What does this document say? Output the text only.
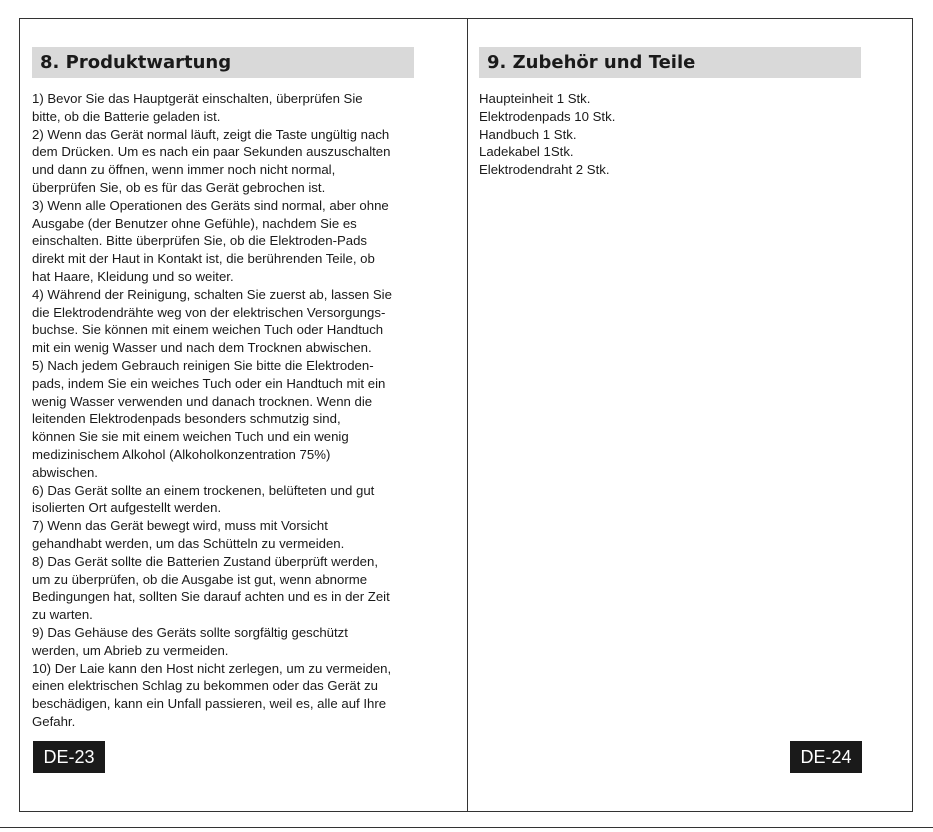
8. Produktwartung
1) Bevor Sie das Hauptgerät einschalten, überprüfen Sie
bitte, ob die Batterie geladen ist.
2) Wenn das Gerät normal läuft, zeigt die Taste ungültig nach
dem Drücken. Um es nach ein paar Sekunden auszuschalten
und dann zu öffnen, wenn immer noch nicht normal,
überprüfen Sie, ob es für das Gerät gebrochen ist.
3) Wenn alle Operationen des Geräts sind normal, aber ohne
Ausgabe (der Benutzer ohne Gefühle), nachdem Sie es
einschalten. Bitte überprüfen Sie, ob die Elektroden-Pads
direkt mit der Haut in Kontakt ist, die berührenden Teile, ob
hat Haare, Kleidung und so weiter.
4) Während der Reinigung, schalten Sie zuerst ab, lassen Sie
die Elektrodendrähte weg von der elektrischen Versorgungs-
buchse. Sie können mit einem weichen Tuch oder Handtuch
mit ein wenig Wasser und nach dem Trocknen abwischen.
5) Nach jedem Gebrauch reinigen Sie bitte die Elektroden-
pads, indem Sie ein weiches Tuch oder ein Handtuch mit ein
wenig Wasser verwenden und danach trocknen. Wenn die
leitenden Elektrodenpads besonders schmutzig sind,
können Sie sie mit einem weichen Tuch und ein wenig
medizinischem Alkohol (Alkoholkonzentration 75%)
abwischen.
6) Das Gerät sollte an einem trockenen, belüfteten und gut
isolierten Ort aufgestellt werden.
7) Wenn das Gerät bewegt wird, muss mit Vorsicht
gehandhabt werden, um das Schütteln zu vermeiden.
8) Das Gerät sollte die Batterien Zustand überprüft werden,
um zu überprüfen, ob die Ausgabe ist gut, wenn abnorme
Bedingungen hat, sollten Sie darauf achten und es in der Zeit
zu warten.
9) Das Gehäuse des Geräts sollte sorgfältig geschützt
werden, um Abrieb zu vermeiden.
10) Der Laie kann den Host nicht zerlegen, um zu vermeiden,
einen elektrischen Schlag zu bekommen oder das Gerät zu
beschädigen, kann ein Unfall passieren, weil es, alle auf Ihre
Gefahr.
DE-23
9. Zubehör und Teile
Haupteinheit 1 Stk.
Elektrodenpads 10 Stk.
Handbuch 1 Stk.
Ladekabel 1Stk.
Elektrodendraht 2 Stk.
DE-24
